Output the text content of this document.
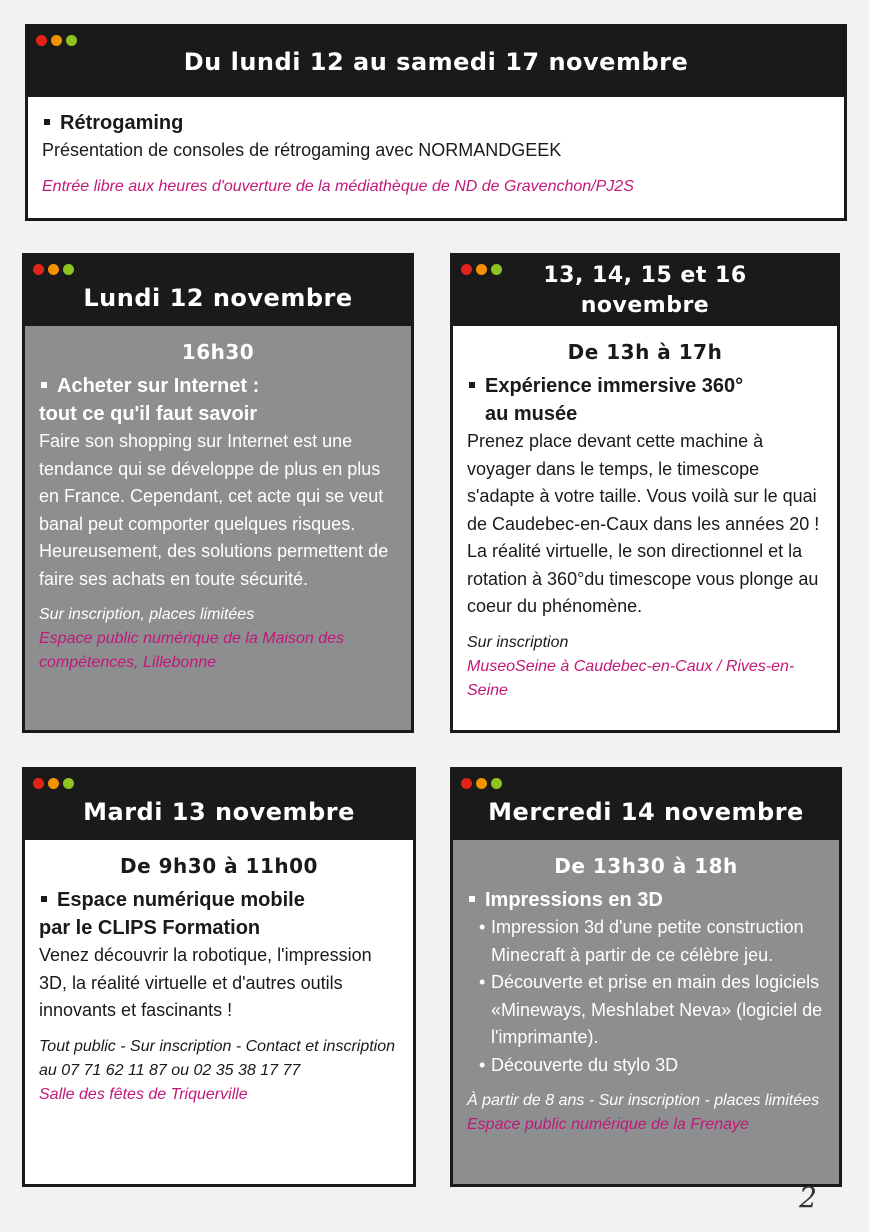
Du lundi 12 au samedi 17 novembre
Rétrogaming
Présentation de consoles de rétrogaming avec NORMANDGEEK
Entrée libre aux heures d'ouverture de la médiathèque de ND de Gravenchon/PJ2S
Lundi 12 novembre
16h30
Acheter sur Internet :
tout ce qu'il faut savoir
Faire son shopping sur Internet est une tendance qui se développe de plus en plus en France. Cependant, cet acte qui se veut banal peut comporter quelques risques. Heureusement, des solutions permettent de faire ses achats en toute sécurité.
Sur inscription, places limitées
Espace public numérique de la Maison des compétences, Lillebonne
13, 14, 15 et 16
novembre
De 13h à 17h
Expérience immersive 360°
au musée
Prenez place devant cette machine à voyager dans le temps, le timescope s'adapte à votre taille. Vous voilà sur le quai de Caudebec-en-Caux dans les années 20 ! La réalité virtuelle, le son directionnel et la rotation à 360°du timescope vous plonge au coeur du phénomène.
Sur inscription
MuseoSeine à Caudebec-en-Caux / Rives-en-Seine
Mardi 13 novembre
De 9h30 à 11h00
Espace numérique mobile
par le CLIPS Formation
Venez découvrir la robotique, l'impression 3D, la réalité virtuelle et d'autres outils innovants et fascinants !
Tout public - Sur inscription - Contact et inscription au 07 71 62 11 87 ou 02 35 38 17 77
Salle des fêtes de Triquerville
Mercredi 14 novembre
De 13h30 à 18h
Impressions en 3D
• Impression 3d d'une petite construction Minecraft à partir de ce célèbre jeu.
• Découverte et prise en main des logiciels «Mineways, Meshlabet Neva» (logiciel de l'imprimante).
• Découverte du stylo 3D
À partir de 8 ans - Sur inscription - places limitées
Espace public numérique de la Frenaye
2
